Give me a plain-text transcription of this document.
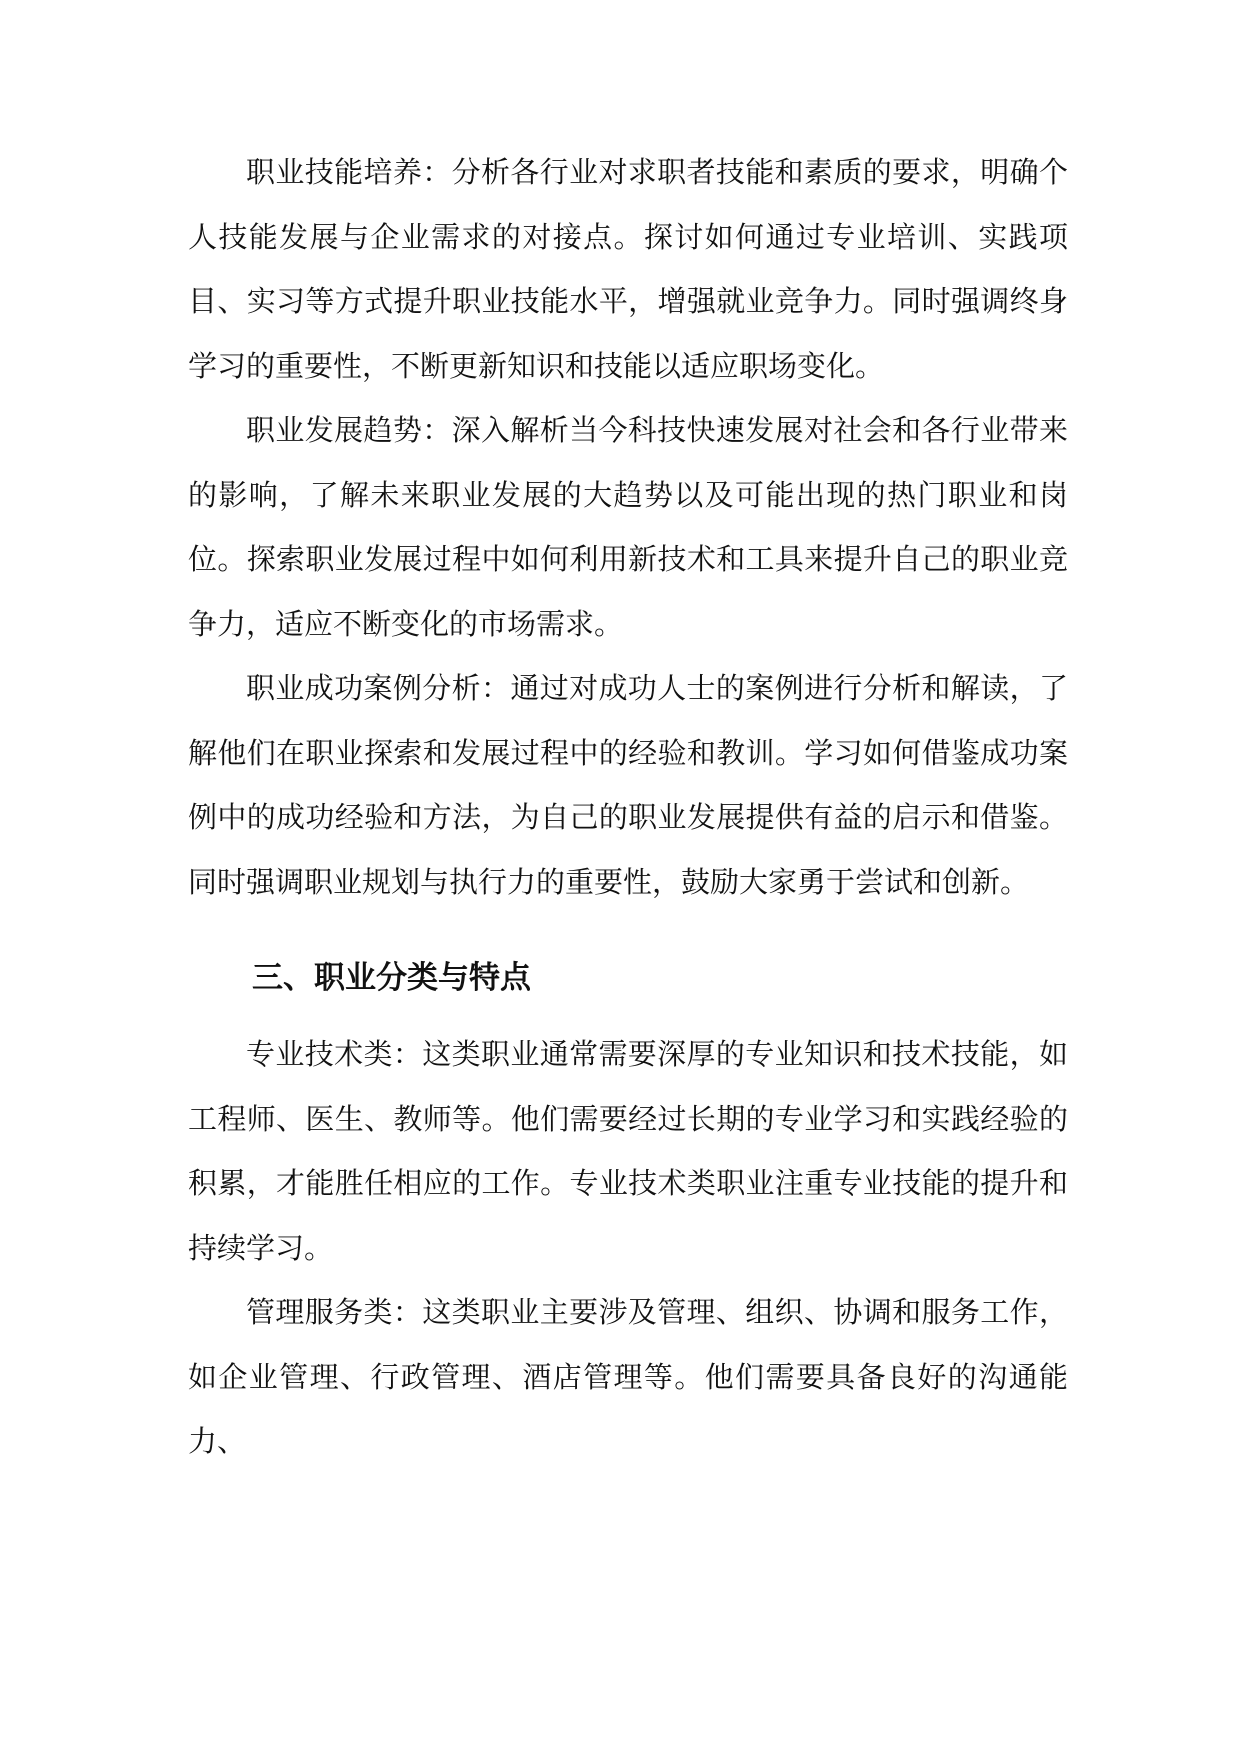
职业技能培养：分析各行业对求职者技能和素质的要求，明确个人技能发展与企业需求的对接点。探讨如何通过专业培训、实践项目、实习等方式提升职业技能水平，增强就业竞争力。同时强调终身学习的重要性，不断更新知识和技能以适应职场变化。

职业发展趋势：深入解析当今科技快速发展对社会和各行业带来的影响，了解未来职业发展的大趋势以及可能出现的热门职业和岗位。探索职业发展过程中如何利用新技术和工具来提升自己的职业竞争力，适应不断变化的市场需求。

职业成功案例分析：通过对成功人士的案例进行分析和解读，了解他们在职业探索和发展过程中的经验和教训。学习如何借鉴成功案例中的成功经验和方法，为自己的职业发展提供有益的启示和借鉴。同时强调职业规划与执行力的重要性，鼓励大家勇于尝试和创新。

三、职业分类与特点

专业技术类：这类职业通常需要深厚的专业知识和技术技能，如工程师、医生、教师等。他们需要经过长期的专业学习和实践经验的积累，才能胜任相应的工作。专业技术类职业注重专业技能的提升和持续学习。

管理服务类：这类职业主要涉及管理、组织、协调和服务工作，如企业管理、行政管理、酒店管理等。他们需要具备良好的沟通能力、
